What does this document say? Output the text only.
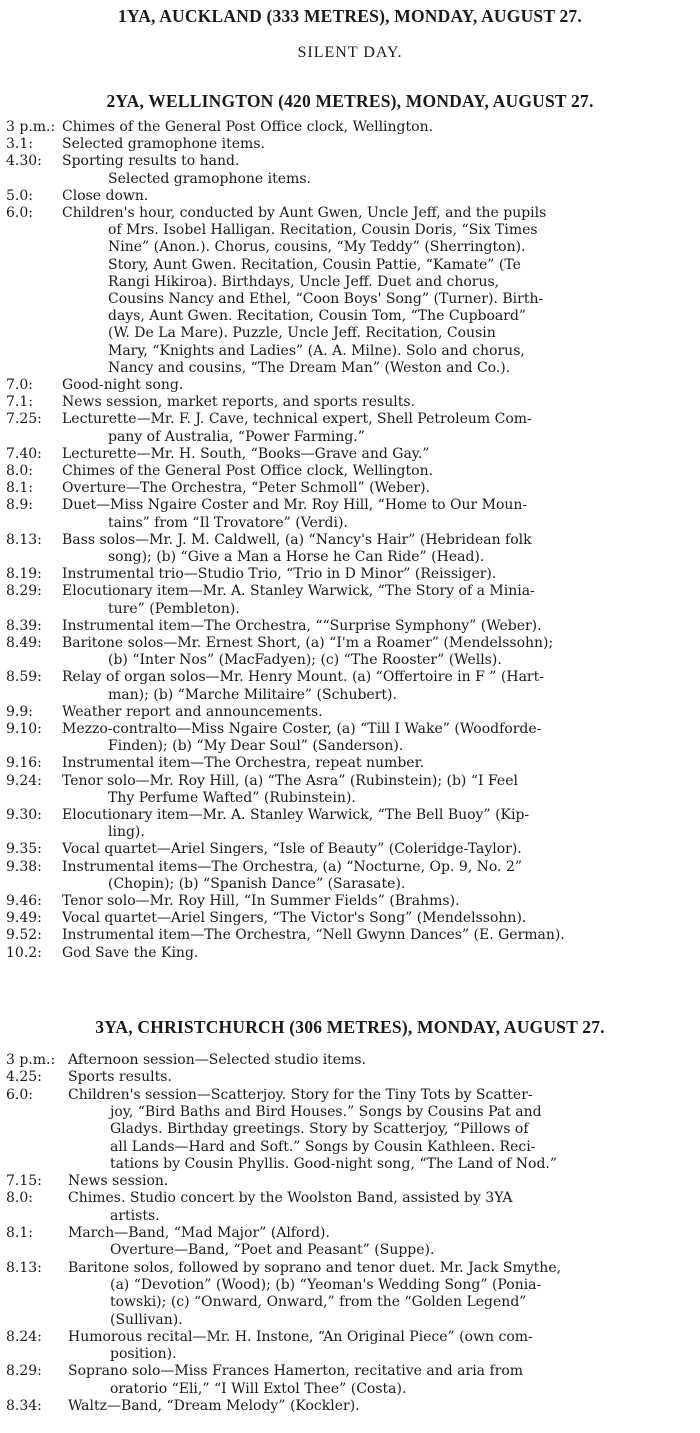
1YA, AUCKLAND (333 METRES), MONDAY, AUGUST 27.
SILENT DAY.
2YA, WELLINGTON (420 METRES), MONDAY, AUGUST 27.
3 p.m.: Chimes of the General Post Office clock, Wellington.
3.1: Selected gramophone items.
4.30: Sporting results to hand.
Selected gramophone items.
5.0: Close down.
6.0: Children's hour, conducted by Aunt Gwen, Uncle Jeff, and the pupils
of Mrs. Isobel Halligan. Recitation, Cousin Doris, “Six Times
Nine” (Anon.). Chorus, cousins, “My Teddy” (Sherrington).
Story, Aunt Gwen. Recitation, Cousin Pattie, “Kamate” (Te
Rangi Hikiroa). Birthdays, Uncle Jeff. Duet and chorus,
Cousins Nancy and Ethel, “Coon Boys' Song” (Turner). Birth-
days, Aunt Gwen. Recitation, Cousin Tom, “The Cupboard”
(W. De La Mare). Puzzle, Uncle Jeff. Recitation, Cousin
Mary, “Knights and Ladies” (A. A. Milne). Solo and chorus,
Nancy and cousins, “The Dream Man” (Weston and Co.).
7.0: Good-night song.
7.1: News session, market reports, and sports results.
7.25: Lecturette—Mr. F. J. Cave, technical expert, Shell Petroleum Com-
pany of Australia, “Power Farming.”
7.40: Lecturette—Mr. H. South, “Books—Grave and Gay.”
8.0: Chimes of the General Post Office clock, Wellington.
8.1: Overture—The Orchestra, “Peter Schmoll” (Weber).
8.9: Duet—Miss Ngaire Coster and Mr. Roy Hill, “Home to Our Moun-
tains” from “Il Trovatore” (Verdi).
8.13: Bass solos—Mr. J. M. Caldwell, (a) “Nancy's Hair” (Hebridean folk
song); (b) “Give a Man a Horse he Can Ride” (Head).
8.19: Instrumental trio—Studio Trio, “Trio in D Minor” (Reissiger).
8.29: Elocutionary item—Mr. A. Stanley Warwick, “The Story of a Minia-
ture” (Pembleton).
8.39: Instrumental item—The Orchestra, ““Surprise Symphony” (Weber).
8.49: Baritone solos—Mr. Ernest Short, (a) “I'm a Roamer” (Mendelssohn);
(b) “Inter Nos” (MacFadyen); (c) “The Rooster” (Wells).
8.59: Relay of organ solos—Mr. Henry Mount. (a) “Offertoire in F ” (Hart-
man); (b) “Marche Militaire” (Schubert).
9.9: Weather report and announcements.
9.10: Mezzo-contralto—Miss Ngaire Coster, (a) “Till I Wake” (Woodforde-
Finden); (b) “My Dear Soul” (Sanderson).
9.16: Instrumental item—The Orchestra, repeat number.
9.24: Tenor solo—Mr. Roy Hill, (a) “The Asra” (Rubinstein); (b) “I Feel
Thy Perfume Wafted” (Rubinstein).
9.30: Elocutionary item—Mr. A. Stanley Warwick, “The Bell Buoy” (Kip-
ling).
9.35: Vocal quartet—Ariel Singers, “Isle of Beauty” (Coleridge-Taylor).
9.38: Instrumental items—The Orchestra, (a) “Nocturne, Op. 9, No. 2”
(Chopin); (b) “Spanish Dance” (Sarasate).
9.46: Tenor solo—Mr. Roy Hill, “In Summer Fields” (Brahms).
9.49: Vocal quartet—Ariel Singers, “The Victor's Song” (Mendelssohn).
9.52: Instrumental item—The Orchestra, “Nell Gwynn Dances” (E. German).
10.2: God Save the King.
3YA, CHRISTCHURCH (306 METRES), MONDAY, AUGUST 27.
3 p.m.: Afternoon session—Selected studio items.
4.25: Sports results.
6.0:	Children's session—Scatterjoy. Story for the Tiny Tots by Scatter-
joy, “Bird Baths and Bird Houses.” Songs by Cousins Pat and
Gladys. Birthday greetings. Story by Scatterjoy, “Pillows of
all Lands—Hard and Soft.” Songs by Cousin Kathleen. Reci-
tations by Cousin Phyllis. Good-night song, “The Land of Nod.”
7.15: News session.
8.0:	Chimes. Studio concert by the Woolston Band, assisted by 3YA
artists.
8.1:	March—Band, “Mad Major” (Alford).
Overture—Band, “Poet and Peasant” (Suppe).
8.13: Baritone solos, followed by soprano and tenor duet. Mr. Jack Smythe,
(a) “Devotion” (Wood); (b) “Yeoman's Wedding Song” (Ponia-
towski); (c) “Onward, Onward,” from the “Golden Legend”
(Sullivan).
8.24: Humorous recital—Mr. H. Instone, “An Original Piece” (own com-
position).
8.29: Soprano solo—Miss Frances Hamerton, recitative and aria from
oratorio “Eli,” “I Will Extol Thee” (Costa).
8.34: Waltz—Band, “Dream Melody” (Kockler).
